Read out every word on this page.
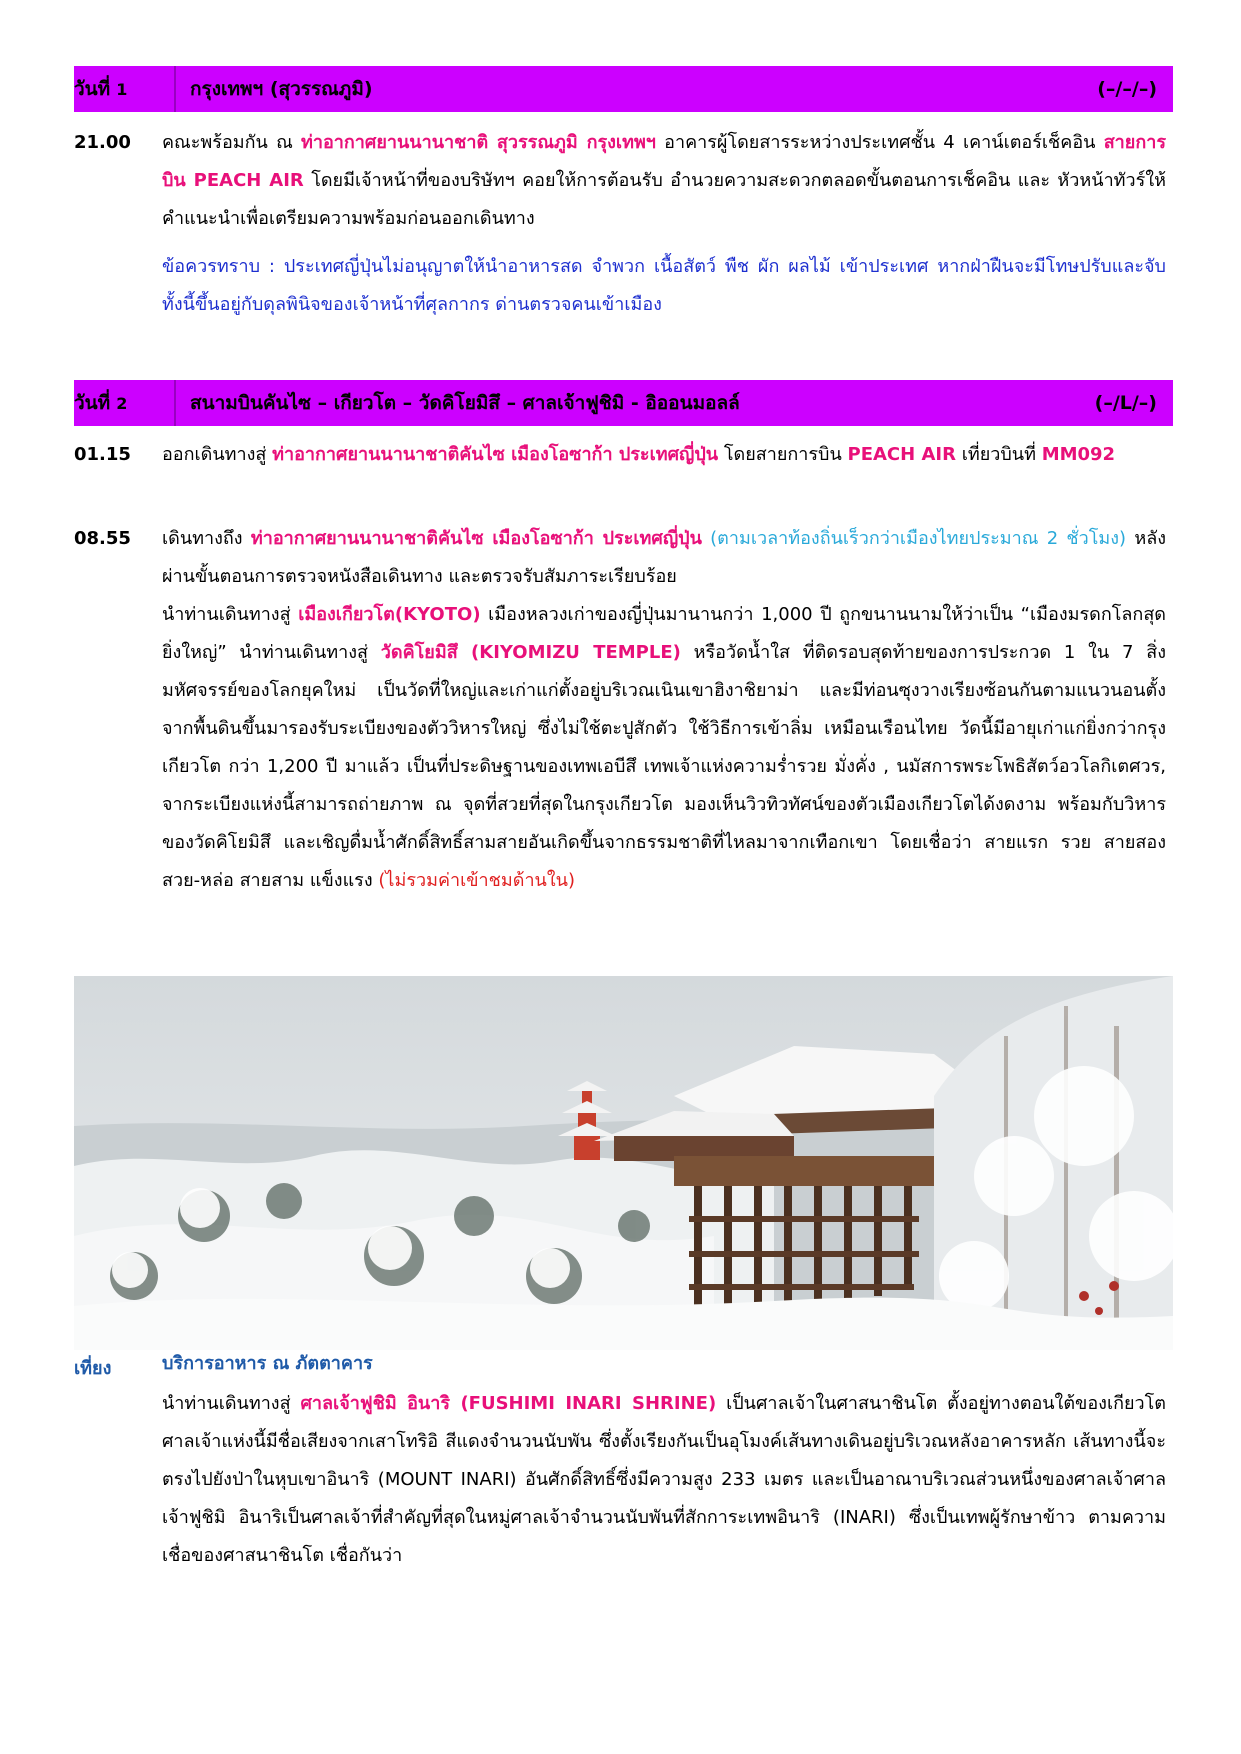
วันที่ 1	กรุงเทพฯ (สุวรรณภูมิ)	(–/–/–)
21.00 คณะพร้อมกัน ณ ท่าอากาศยานนานาชาติ สุวรรณภูมิ กรุงเทพฯ อาคารผู้โดยสารระหว่างประเทศชั้น 4 เคาน์เตอร์เช็คอิน สายการบิน PEACH AIR โดยมีเจ้าหน้าที่ของบริษัทฯ คอยให้การต้อนรับ อำนวยความสะดวกตลอดขั้นตอนการเช็คอิน และ หัวหน้าทัวร์ให้คำแนะนำเพื่อเตรียมความพร้อมก่อนออกเดินทาง
ข้อควรทราบ : ประเทศญี่ปุ่นไม่อนุญาตให้นำอาหารสด จำพวก เนื้อสัตว์ พืช ผัก ผลไม้ เข้าประเทศ หากฝ่าฝืนจะมีโทษปรับและจับ ทั้งนี้ขึ้นอยู่กับดุลพินิจของเจ้าหน้าที่ศุลกากร ด่านตรวจคนเข้าเมือง
วันที่ 2	สนามบินคันไซ – เกียวโต – วัดคิโยมิสึ – ศาลเจ้าฟูชิมิ - อิออนมอลล์	(–/L/–)
01.15 ออกเดินทางสู่ ท่าอากาศยานนานาชาติคันไซ เมืองโอซาก้า ประเทศญี่ปุ่น โดยสายการบิน PEACH AIR เที่ยวบินที่ MM092
08.55 เดินทางถึง ท่าอากาศยานนานาชาติคันไซ เมืองโอซาก้า ประเทศญี่ปุ่น (ตามเวลาท้องถิ่นเร็วกว่าเมืองไทยประมาณ 2 ชั่วโมง) หลังผ่านขั้นตอนการตรวจหนังสือเดินทาง และตรวจรับสัมภาระเรียบร้อย
นำท่านเดินทางสู่ เมืองเกียวโต(KYOTO) เมืองหลวงเก่าของญี่ปุ่นมานานกว่า 1,000 ปี ถูกขนานนามให้ว่าเป็น “เมืองมรดกโลกสุดยิ่งใหญ่” นำท่านเดินทางสู่ วัดคิโยมิสึ (KIYOMIZU TEMPLE) หรือวัดน้ำใส ที่ติดรอบสุดท้ายของการประกวด 1 ใน 7 สิ่งมหัศจรรย์ของโลกยุคใหม่ เป็นวัดที่ใหญ่และเก่าแก่ตั้งอยู่บริเวณเนินเขาฮิงาชิยาม่า และมีท่อนซุงวางเรียงซ้อนกันตามแนวนอนตั้งจากพื้นดินขึ้นมารองรับระเบียงของตัววิหารใหญ่ ซึ่งไม่ใช้ตะปูสักตัว ใช้วิธีการเข้าลิ่ม เหมือนเรือนไทย วัดนี้มีอายุเก่าแก่ยิ่งกว่ากรุงเกียวโต กว่า 1,200 ปี มาแล้ว เป็นที่ประดิษฐานของเทพเอบีสึ เทพเจ้าแห่งความร่ำรวย มั่งคั่ง , นมัสการพระโพธิสัตว์อวโลกิเตศวร, จากระเบียงแห่งนี้สามารถถ่ายภาพ ณ จุดที่สวยที่สุดในกรุงเกียวโต มองเห็นวิวทิวทัศน์ของตัวเมืองเกียวโตได้งดงาม พร้อมกับวิหารของวัดคิโยมิสึ และเชิญดื่มน้ำศักดิ์สิทธิ์สามสายอันเกิดขึ้นจากธรรมชาติที่ไหลมาจากเทือกเขา โดยเชื่อว่า สายแรก รวย สายสอง สวย-หล่อ สายสาม แข็งแรง (ไม่รวมค่าเข้าชมด้านใน)
เที่ยง	บริการอาหาร ณ ภัตตาคาร
นำท่านเดินทางสู่ ศาลเจ้าฟูชิมิ อินาริ (FUSHIMI INARI SHRINE) เป็นศาลเจ้าในศาสนาชินโต ตั้งอยู่ทางตอนใต้ของเกียวโต ศาลเจ้าแห่งนี้มีชื่อเสียงจากเสาโทริอิ สีแดงจำนวนนับพัน ซึ่งตั้งเรียงกันเป็นอุโมงค์เส้นทางเดินอยู่บริเวณหลังอาคารหลัก เส้นทางนี้จะตรงไปยังป่าในหุบเขาอินาริ (MOUNT INARI) อันศักดิ์สิทธิ์ซึ่งมีความสูง 233 เมตร และเป็นอาณาบริเวณส่วนหนึ่งของศาลเจ้าศาลเจ้าฟูชิมิ อินาริเป็นศาลเจ้าที่สำคัญที่สุดในหมู่ศาลเจ้าจำนวนนับพันที่สักการะเทพอินาริ (INARI) ซึ่งเป็นเทพผู้รักษาข้าว ตามความเชื่อของศาสนาชินโต เชื่อกันว่า
